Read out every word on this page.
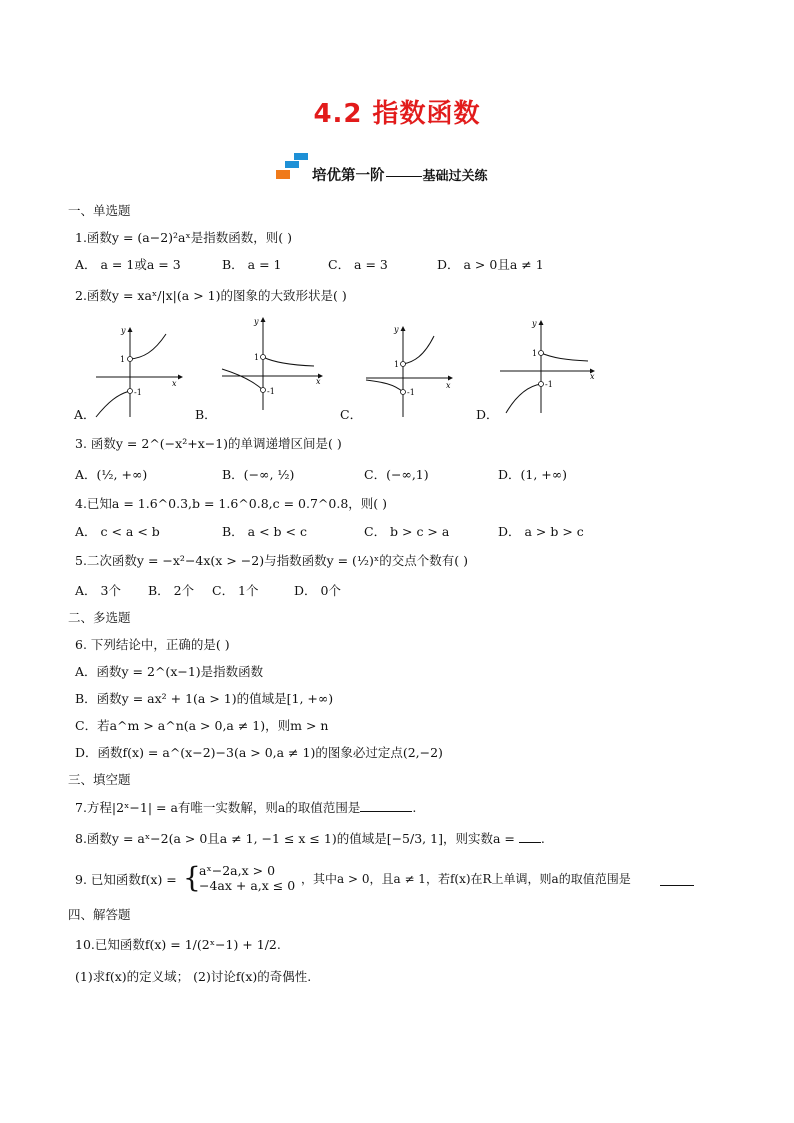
4.2 指数函数
培优第一阶	基础过关练
一、单选题
1.函数y = (a−2)²aˣ是指数函数，则( )
A． a = 1或a = 3	B． a = 1	C． a = 3	D． a > 0且a ≠ 1
2.函数y = xaˣ/|x|(a > 1)的图象的大致形状是( )
y
x
1
-1
A．
y
x
1
-1
B．
y
x
1
-1
C．
y
x
1
-1
D．
3. 函数y = 2^(−x²+x−1)的单调递增区间是( )
A．(½, +∞)	B．(−∞, ½)	C．(−∞,1)	D．(1, +∞)
4.已知a = 1.6^0.3,b = 1.6^0.8,c = 0.7^0.8，则( )
A． c < a < b	B． a < b < c	C． b > c > a	D． a > b > c
5.二次函数y = −x²−4x(x > −2)与指数函数y = (½)ˣ的交点个数有( )
A． 3个 B． 2个 C． 1个	D． 0个
二、多选题
6. 下列结论中，正确的是( )
A．函数y = 2^(x−1)是指数函数
B．函数y = ax² + 1(a > 1)的值域是[1, +∞)
C．若a^m > a^n(a > 0,a ≠ 1)，则m > n
D．函数f(x) = a^(x−2)−3(a > 0,a ≠ 1)的图象必过定点(2,−2)
三、填空题
7.方程|2ˣ−1| = a有唯一实数解，则a的取值范围是	.
8.函数y = aˣ−2(a > 0且a ≠ 1, −1 ≤ x ≤ 1)的值域是[−5/3, 1]，则实数a = .
9. 已知函数f(x) = {
aˣ−2a,x > 0
−4ax + a,x ≤ 0 ，其中a > 0，且a ≠ 1，若f(x)在R上单调，则a的取值范围是
四、解答题
10.已知函数f(x) = 1/(2ˣ−1) + 1/2.
(1)求f(x)的定义域； (2)讨论f(x)的奇偶性.
